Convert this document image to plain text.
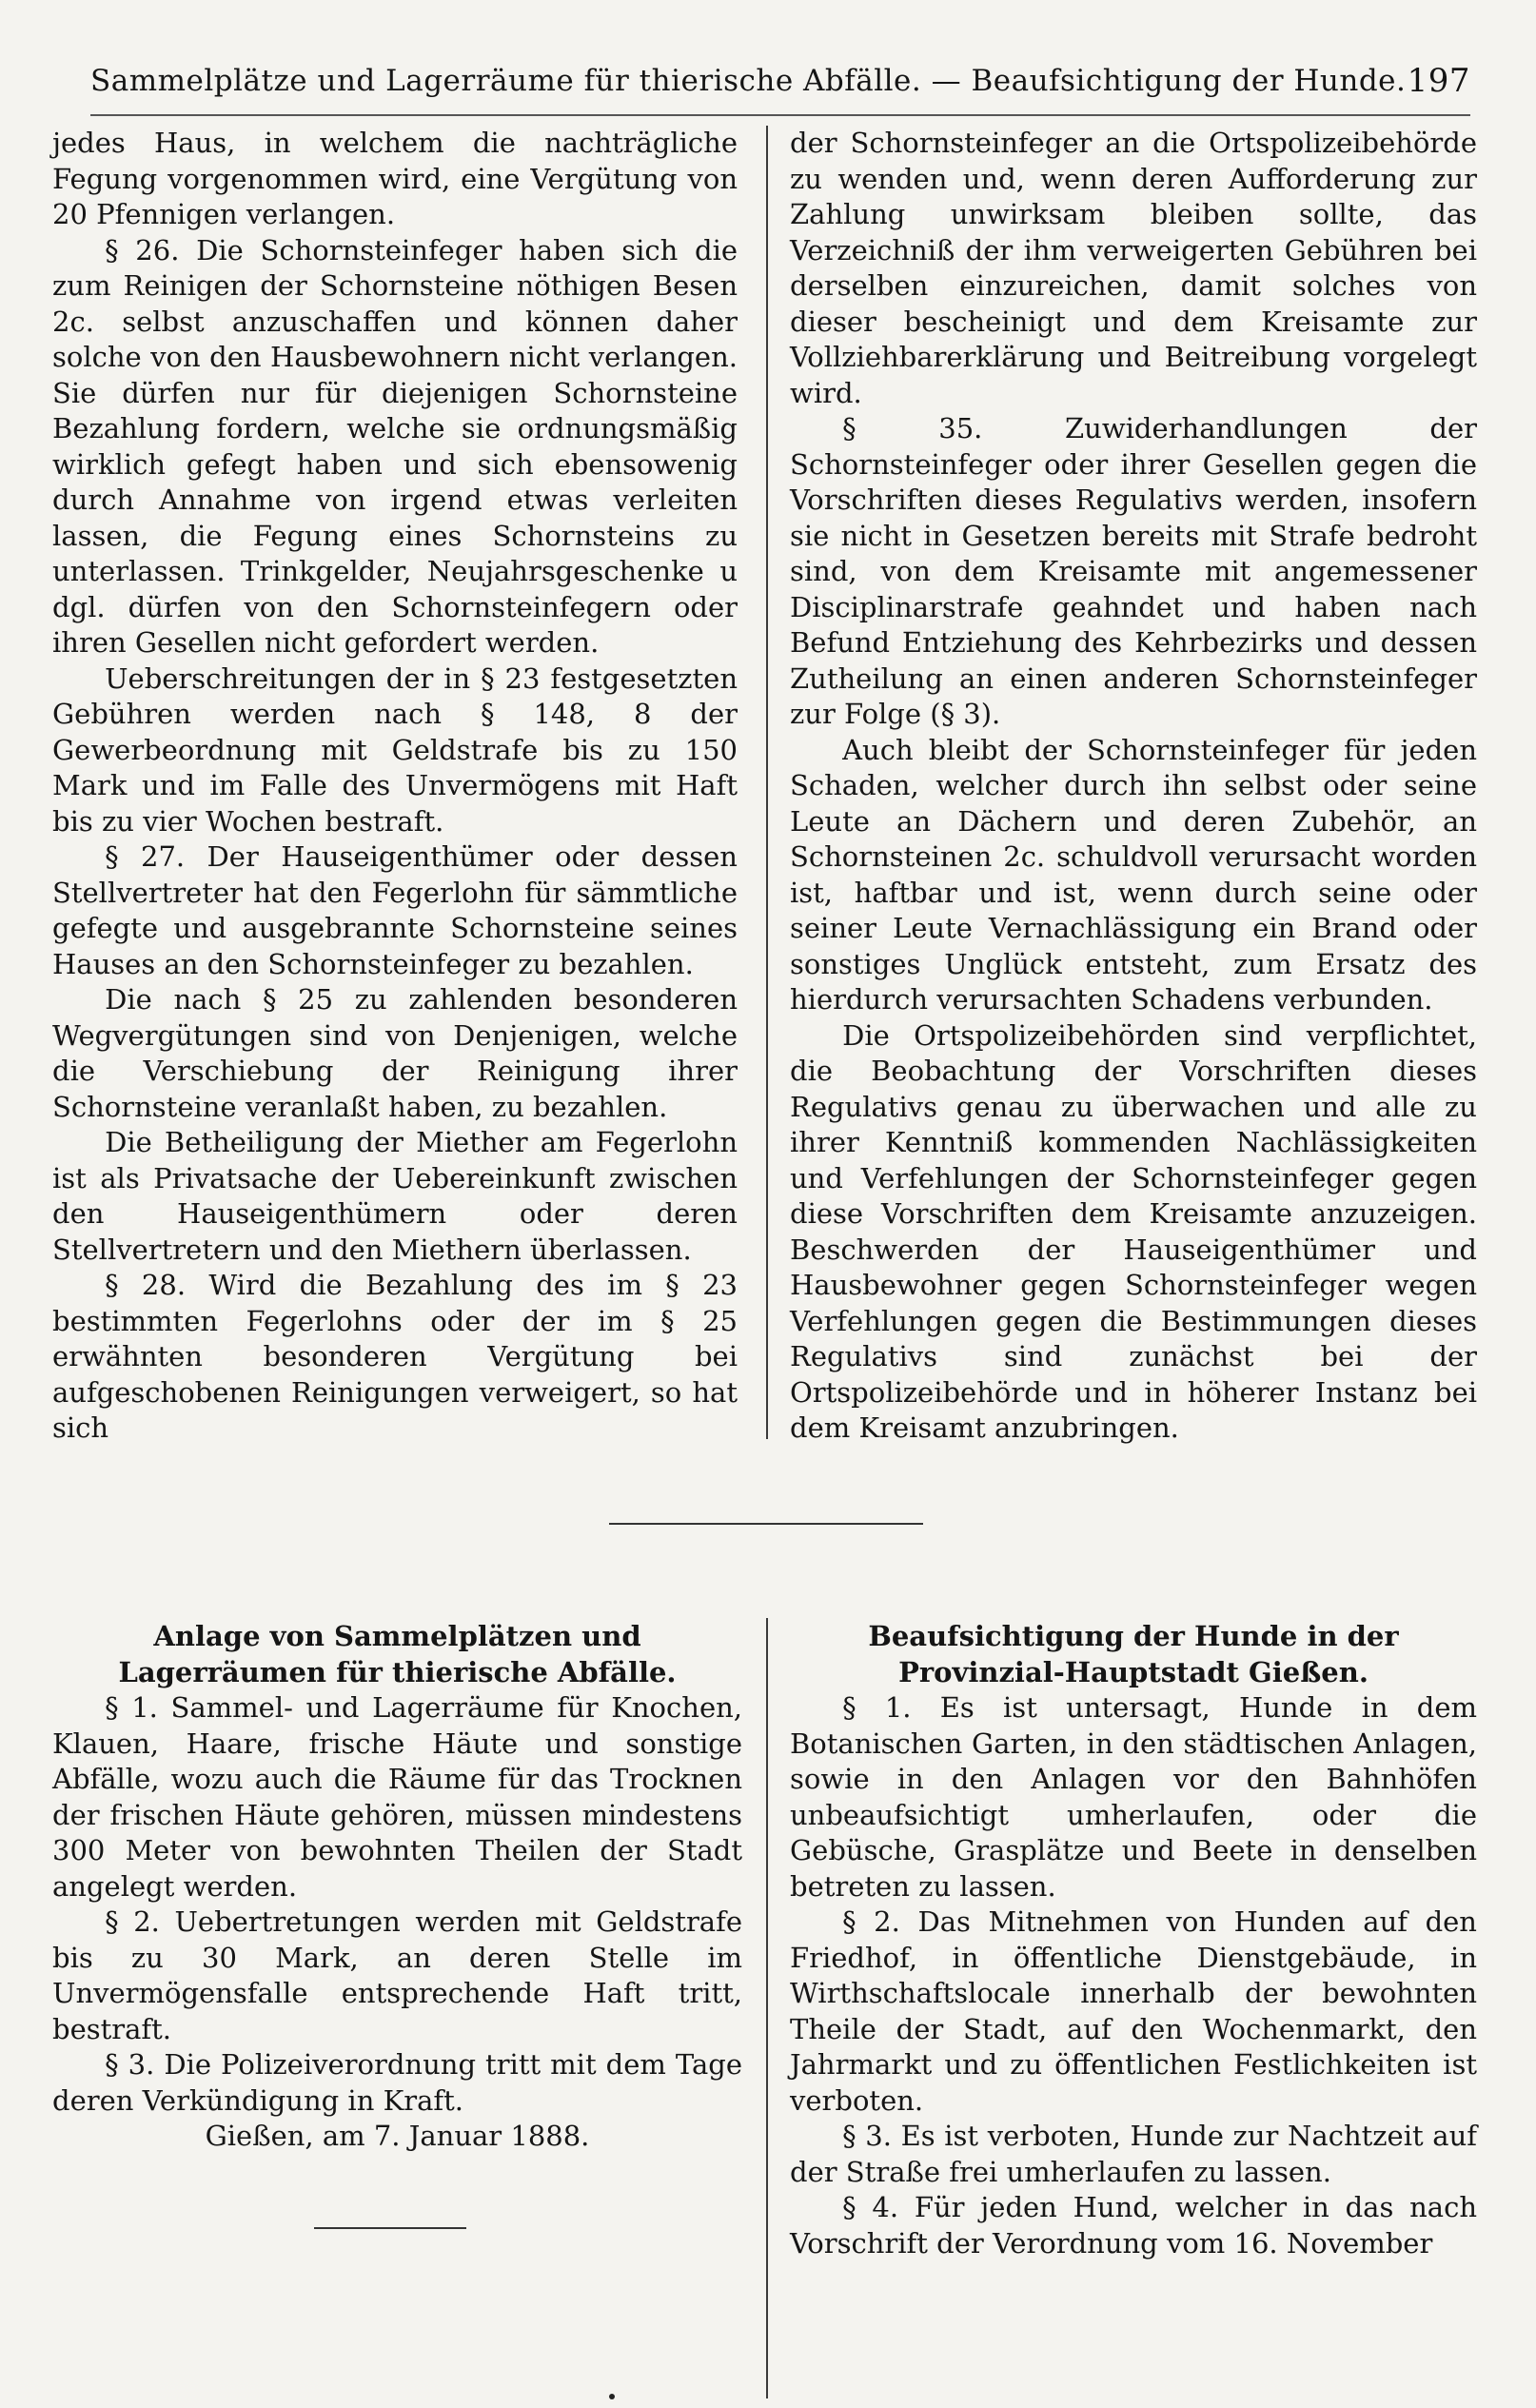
Sammelplätze und Lagerräume für thierische Abfälle. — Beaufsichtigung der Hunde. 197

jedes Haus, in welchem die nachträgliche Fegung vorgenommen wird, eine Vergütung von 20 Pfennigen verlangen.

§ 26. Die Schornsteinfeger haben sich die zum Reinigen der Schornsteine nöthigen Besen 2c. selbst anzuschaffen und können daher solche von den Hausbewohnern nicht verlangen. Sie dürfen nur für diejenigen Schornsteine Bezahlung fordern, welche sie ordnungsmäßig wirklich gefegt haben und sich ebensowenig durch Annahme von irgend etwas verleiten lassen, die Fegung eines Schornsteins zu unterlassen. Trinkgelder, Neujahrsgeschenke u dgl. dürfen von den Schornsteinfegern oder ihren Gesellen nicht gefordert werden.

Ueberschreitungen der in § 23 festgesetzten Gebühren werden nach § 148, 8 der Gewerbeordnung mit Geldstrafe bis zu 150 Mark und im Falle des Unvermögens mit Haft bis zu vier Wochen bestraft.

§ 27. Der Hauseigenthümer oder dessen Stellvertreter hat den Fegerlohn für sämmtliche gefegte und ausgebrannte Schornsteine seines Hauses an den Schornsteinfeger zu bezahlen.

Die nach § 25 zu zahlenden besonderen Wegvergütungen sind von Denjenigen, welche die Verschiebung der Reinigung ihrer Schornsteine veranlaßt haben, zu bezahlen.

Die Betheiligung der Miether am Fegerlohn ist als Privatsache der Uebereinkunft zwischen den Hauseigenthümern oder deren Stellvertretern und den Miethern überlassen.

§ 28. Wird die Bezahlung des im § 23 bestimmten Fegerlohns oder der im § 25 erwähnten besonderen Vergütung bei aufgeschobenen Reinigungen verweigert, so hat sich

der Schornsteinfeger an die Ortspolizeibehörde zu wenden und, wenn deren Aufforderung zur Zahlung unwirksam bleiben sollte, das Verzeichniß der ihm verweigerten Gebühren bei derselben einzureichen, damit solches von dieser bescheinigt und dem Kreisamte zur Vollziehbarerklärung und Beitreibung vorgelegt wird.

§ 35. Zuwiderhandlungen der Schornsteinfeger oder ihrer Gesellen gegen die Vorschriften dieses Regulativs werden, insofern sie nicht in Gesetzen bereits mit Strafe bedroht sind, von dem Kreisamte mit angemessener Disciplinarstrafe geahndet und haben nach Befund Entziehung des Kehrbezirks und dessen Zutheilung an einen anderen Schornsteinfeger zur Folge (§ 3).

Auch bleibt der Schornsteinfeger für jeden Schaden, welcher durch ihn selbst oder seine Leute an Dächern und deren Zubehör, an Schornsteinen 2c. schuldvoll verursacht worden ist, haftbar und ist, wenn durch seine oder seiner Leute Vernachlässigung ein Brand oder sonstiges Unglück entsteht, zum Ersatz des hierdurch verursachten Schadens verbunden.

Die Ortspolizeibehörden sind verpflichtet, die Beobachtung der Vorschriften dieses Regulativs genau zu überwachen und alle zu ihrer Kenntniß kommenden Nachlässigkeiten und Verfehlungen der Schornsteinfeger gegen diese Vorschriften dem Kreisamte anzuzeigen. Beschwerden der Hauseigenthümer und Hausbewohner gegen Schornsteinfeger wegen Verfehlungen gegen die Bestimmungen dieses Regulativs sind zunächst bei der Ortspolizeibehörde und in höherer Instanz bei dem Kreisamt anzubringen.

Anlage von Sammelplätzen und Lagerräumen für thierische Abfälle.

§ 1. Sammel- und Lagerräume für Knochen, Klauen, Haare, frische Häute und sonstige Abfälle, wozu auch die Räume für das Trocknen der frischen Häute gehören, müssen mindestens 300 Meter von bewohnten Theilen der Stadt angelegt werden.

§ 2. Uebertretungen werden mit Geldstrafe bis zu 30 Mark, an deren Stelle im Unvermögensfalle entsprechende Haft tritt, bestraft.

§ 3. Die Polizeiverordnung tritt mit dem Tage deren Verkündigung in Kraft.

Gießen, am 7. Januar 1888.

Beaufsichtigung der Hunde in der Provinzial-Hauptstadt Gießen.

§ 1. Es ist untersagt, Hunde in dem Botanischen Garten, in den städtischen Anlagen, sowie in den Anlagen vor den Bahnhöfen unbeaufsichtigt umherlaufen, oder die Gebüsche, Grasplätze und Beete in denselben betreten zu lassen.

§ 2. Das Mitnehmen von Hunden auf den Friedhof, in öffentliche Dienstgebäude, in Wirthschaftslocale innerhalb der bewohnten Theile der Stadt, auf den Wochenmarkt, den Jahrmarkt und zu öffentlichen Festlichkeiten ist verboten.

§ 3. Es ist verboten, Hunde zur Nachtzeit auf der Straße frei umherlaufen zu lassen.

§ 4. Für jeden Hund, welcher in das nach Vorschrift der Verordnung vom 16. November
